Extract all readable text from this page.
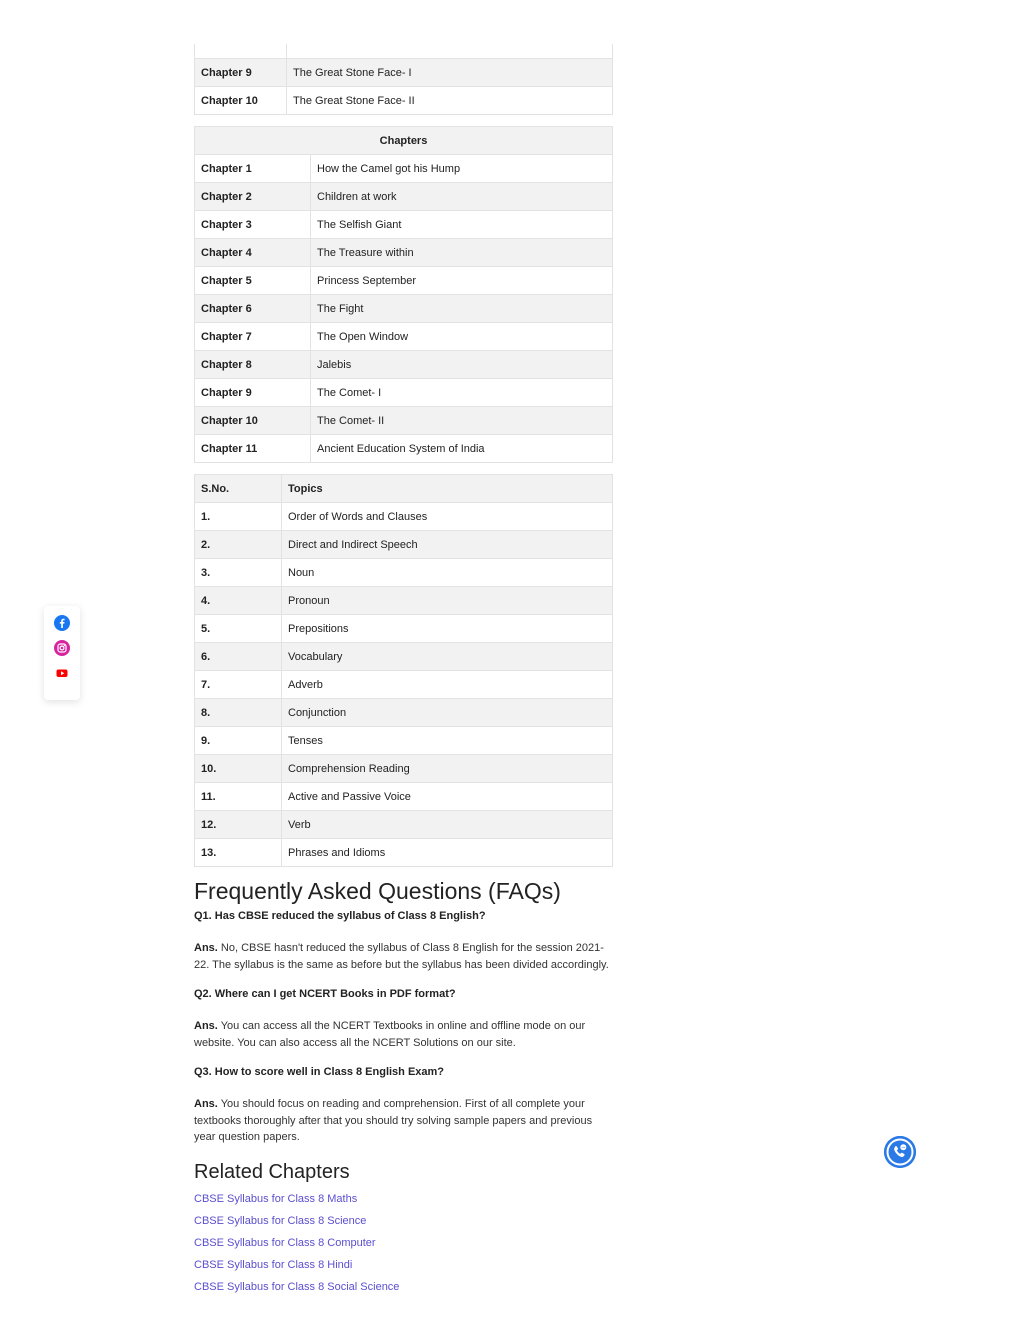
Chapter 9	The Great Stone Face- I
Chapter 10	The Great Stone Face- II
Chapters	
Chapter 1	How the Camel got his Hump
Chapter 2	Children at work
Chapter 3	The Selfish Giant
Chapter 4	The Treasure within
Chapter 5	Princess September
Chapter 6	The Fight
Chapter 7	The Open Window
Chapter 8	Jalebis
Chapter 9	The Comet- I
Chapter 10	The Comet- II
Chapter 11	Ancient Education System of India
S.No.	Topics
1.	Order of Words and Clauses
2.	Direct and Indirect Speech
3.	Noun
4.	Pronoun
5.	Prepositions
6.	Vocabulary
7.	Adverb
8.	Conjunction
9.	Tenses
10.	Comprehension Reading
11.	Active and Passive Voice
12.	Verb
13.	Phrases and Idioms
Frequently Asked Questions (FAQs)

Q1. Has CBSE reduced the syllabus of Class 8 English?

Ans. No, CBSE hasn't reduced the syllabus of Class 8 English for the session 2021-22. The syllabus is the same as before but the syllabus has been divided accordingly.

Q2. Where can I get NCERT Books in PDF format?

Ans. You can access all the NCERT Textbooks in online and offline mode on our website. You can also access all the NCERT Solutions on our site.

Q3. How to score well in Class 8 English Exam?

Ans. You should focus on reading and comprehension. First of all complete your textbooks thoroughly after that you should try solving sample papers and previous year question papers.

Related Chapters
CBSE Syllabus for Class 8 Maths
CBSE Syllabus for Class 8 Science
CBSE Syllabus for Class 8 Computer
CBSE Syllabus for Class 8 Hindi
CBSE Syllabus for Class 8 Social Science
